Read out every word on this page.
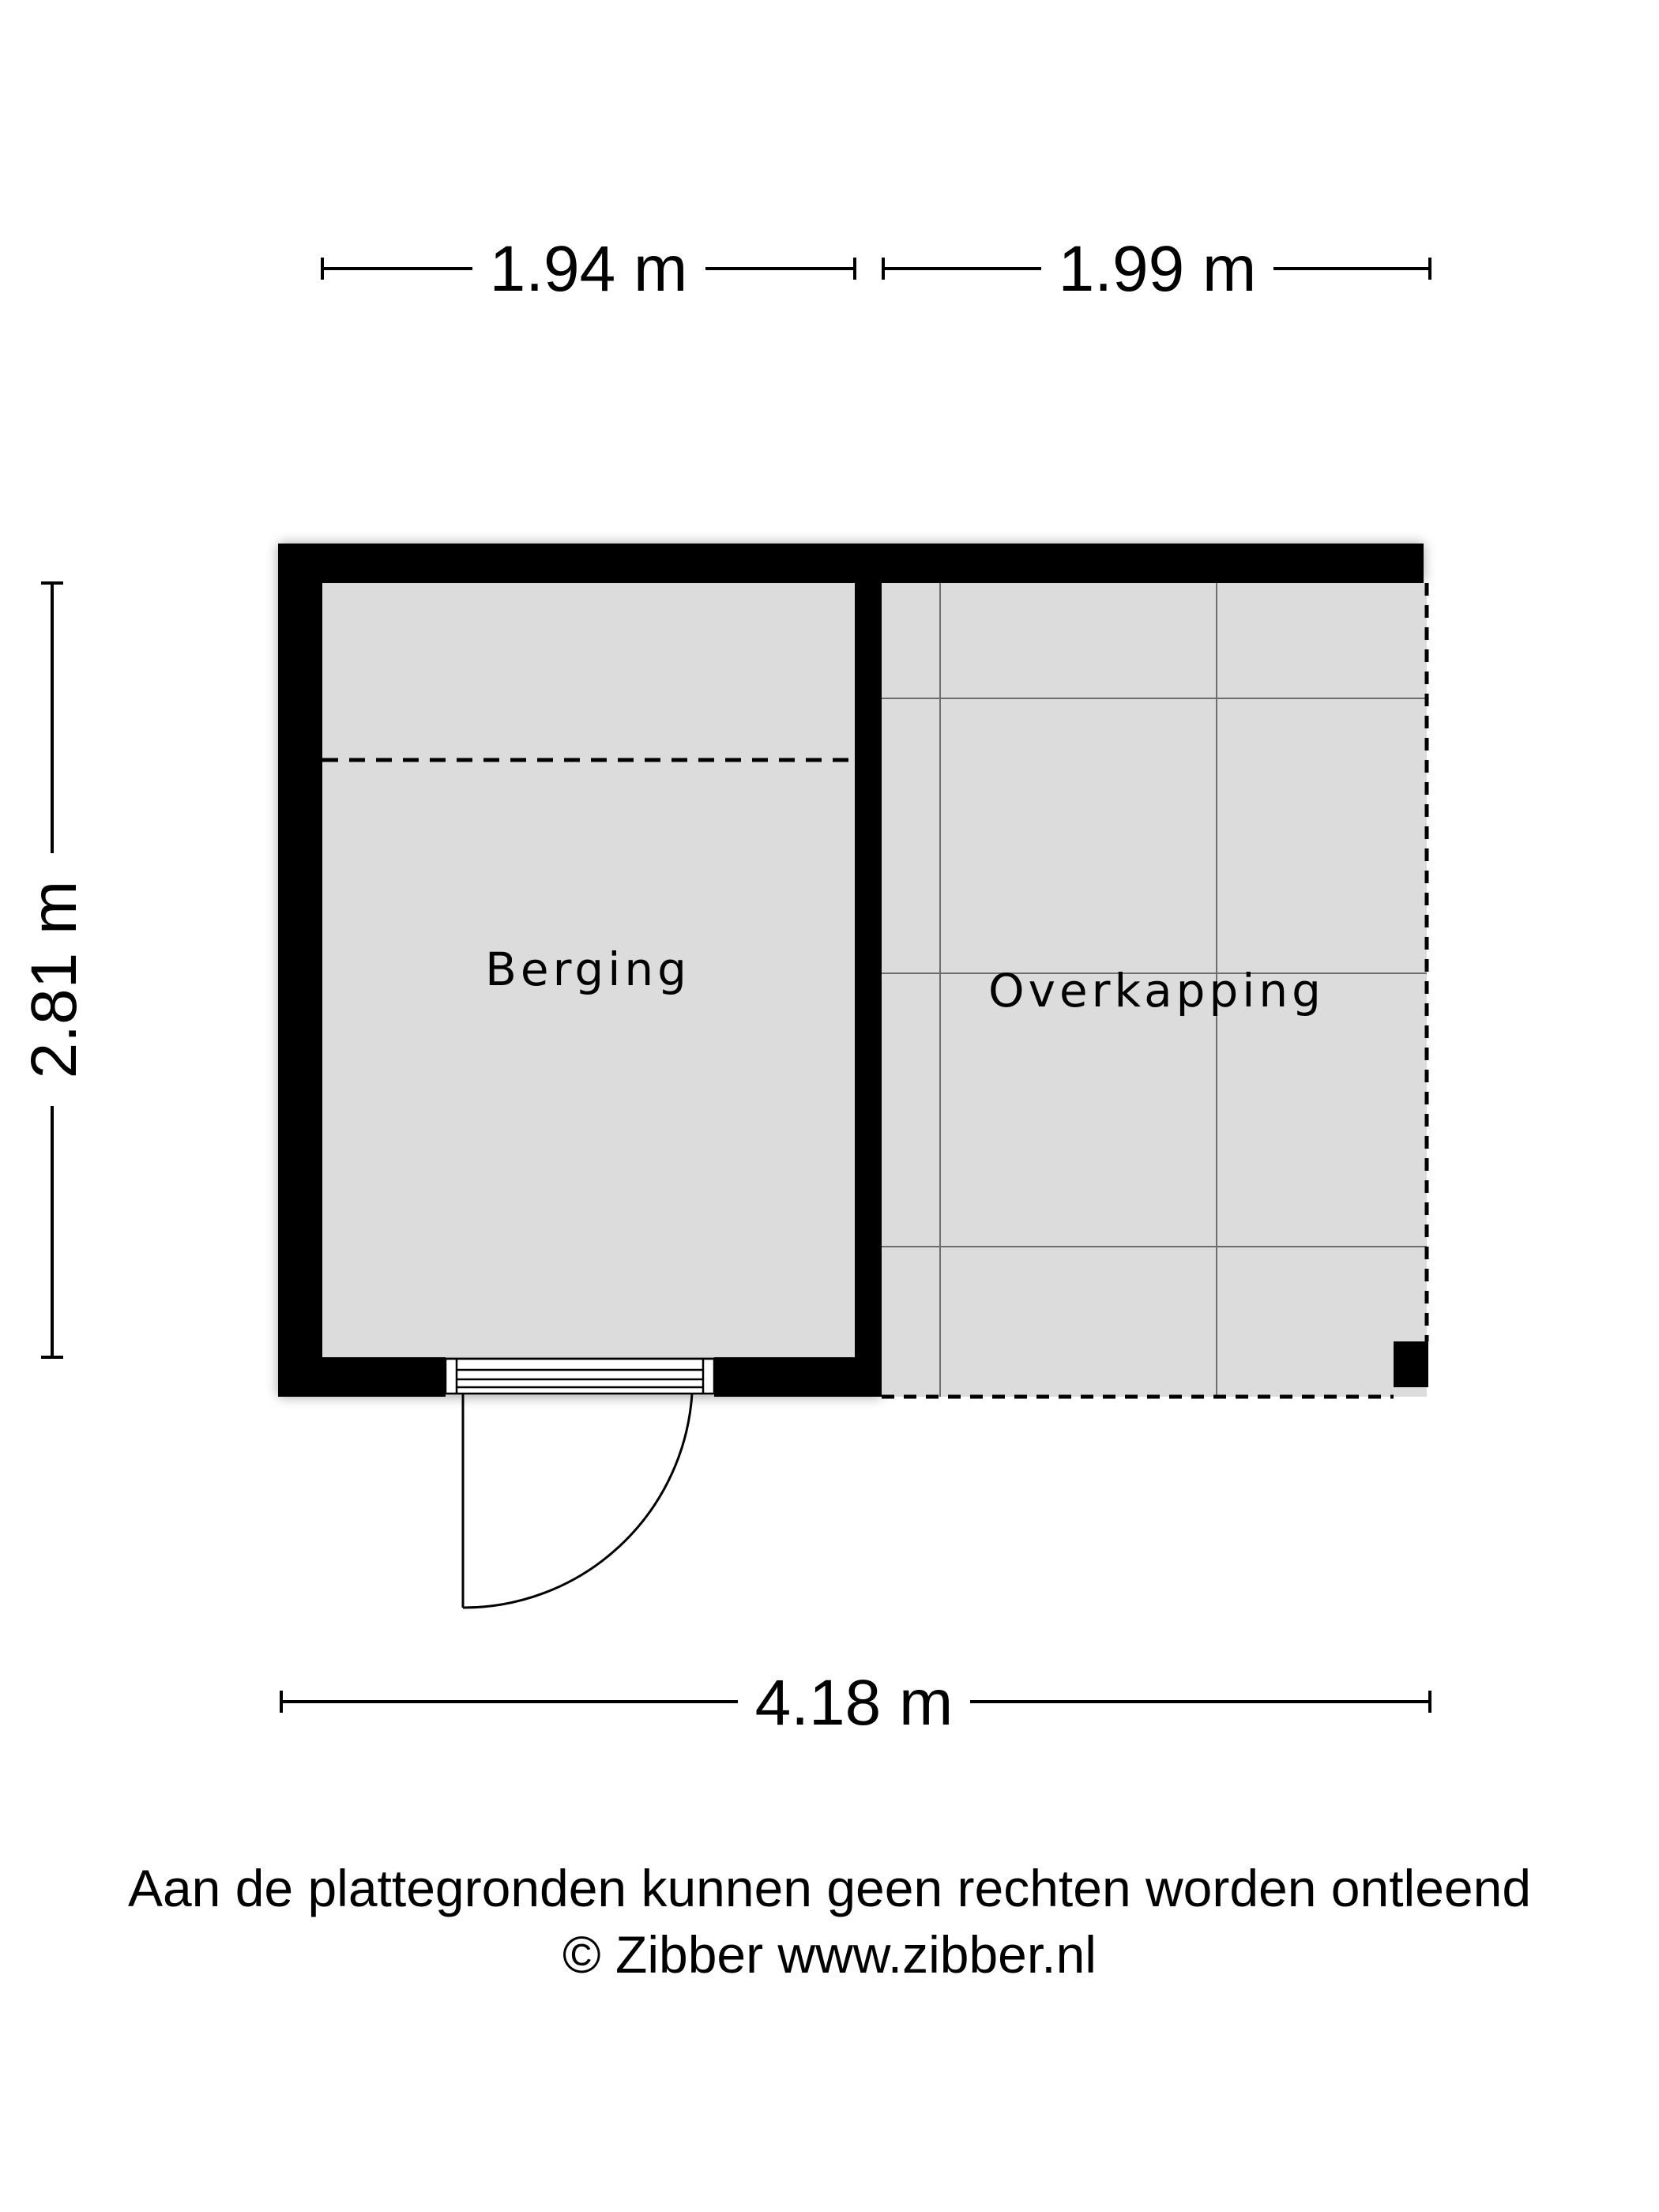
1.94 m	1.99 m
2.81 m	Berging	Overkapping
4.18 m
Aan de plattegronden kunnen geen rechten worden ontleend
© Zibber www.zibber.nl
